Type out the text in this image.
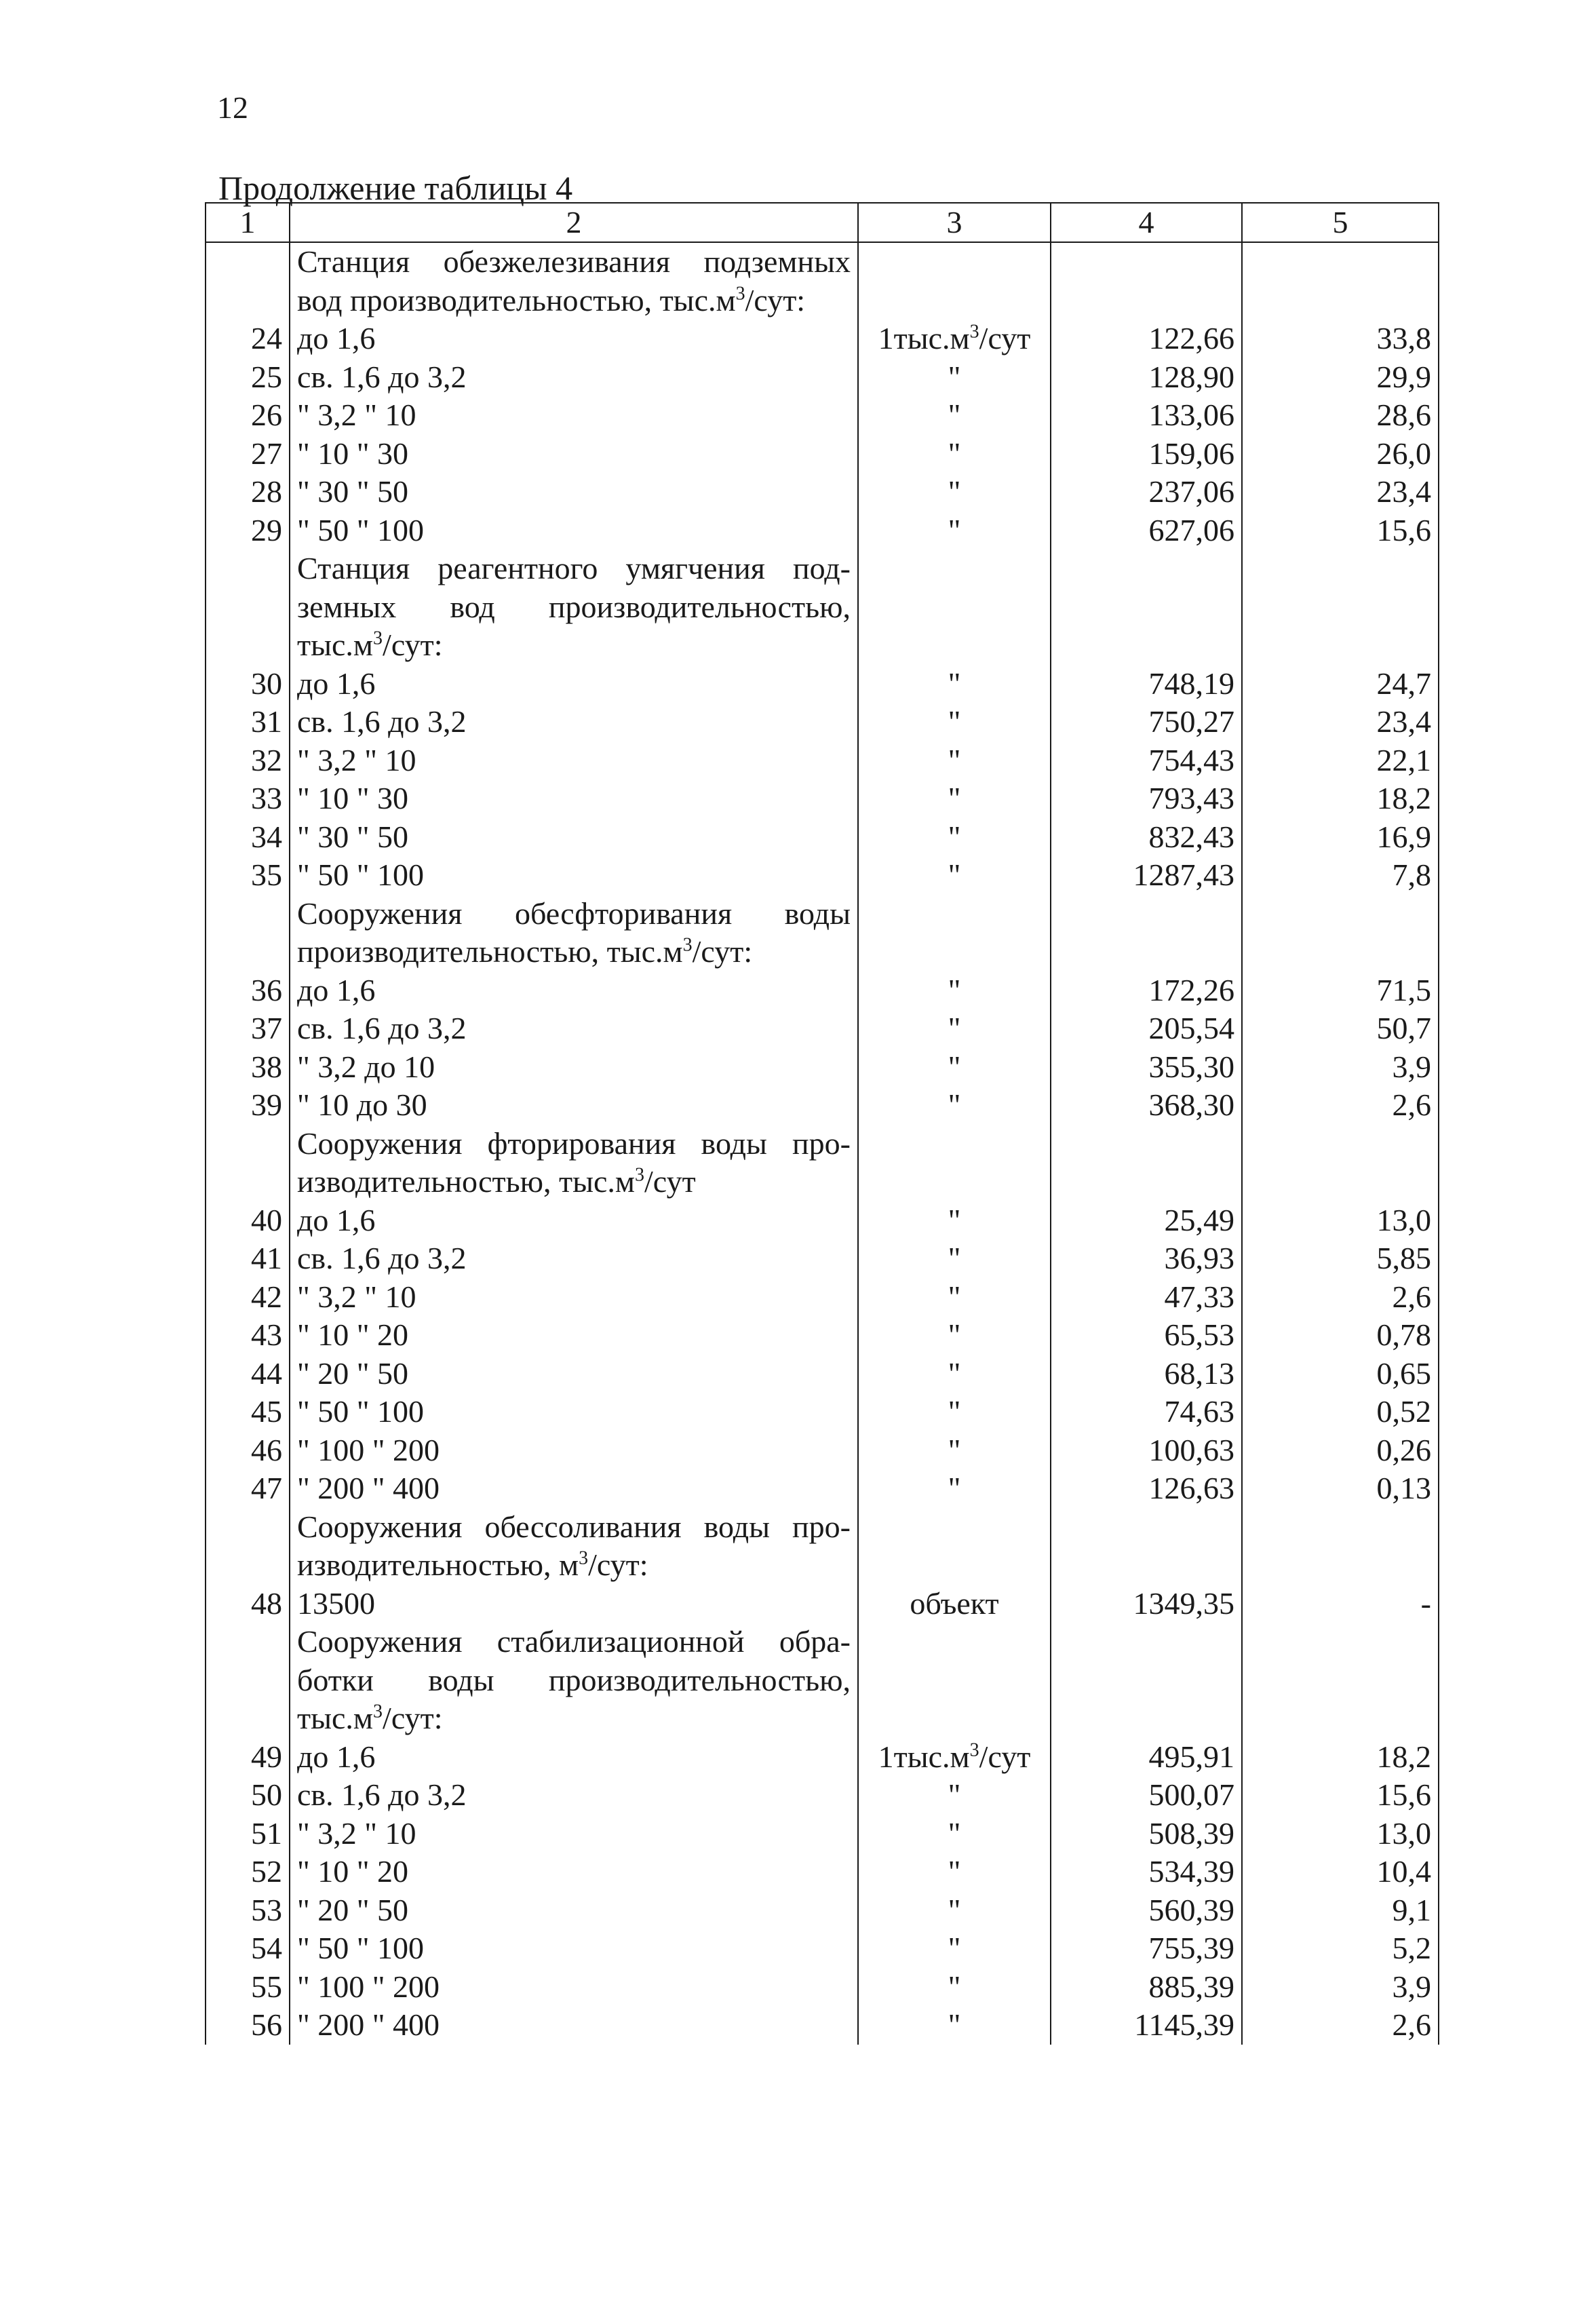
12
Продолжение таблицы 4
1	2	3	4	5
	Станция обезжелезивания подземных			
	вод производительностью, $тыс.м^3$/сут:			
24	до 1,6	$1тыс.м^3$/сут	122,66	33,8
25	св. 1,6 до 3,2	"	128,90	29,9
26	" 3,2 " 10	"	133,06	28,6
27	" 10 " 30	"	159,06	26,0
28	" 30 " 50	"	237,06	23,4
29	" 50 " 100	"	627,06	15,6
	Станция реагентного умягчения под-			
	земных вод производительностью,			
	$тыс.м^3$/сут:			
30	до 1,6	"	748,19	24,7
31	св. 1,6 до 3,2	"	750,27	23,4
32	" 3,2 " 10	"	754,43	22,1
33	" 10 " 30	"	793,43	18,2
34	" 30 " 50	"	832,43	16,9
35	" 50 " 100	"	1287,43	7,8
	Сооружения обесфторивания воды			
	производительностью, $тыс.м^3$/сут:			
36	до 1,6	"	172,26	71,5
37	св. 1,6 до 3,2	"	205,54	50,7
38	" 3,2 до 10	"	355,30	3,9
39	" 10 до 30	"	368,30	2,6
	Сооружения фторирования воды про-			
	изводительностью, $тыс.м^3$/сут			
40	до 1,6	"	25,49	13,0
41	св. 1,6 до 3,2	"	36,93	5,85
42	" 3,2 " 10	"	47,33	2,6
43	" 10 " 20	"	65,53	0,78
44	" 20 " 50	"	68,13	0,65
45	" 50 " 100	"	74,63	0,52
46	" 100 " 200	"	100,63	0,26
47	" 200 " 400	"	126,63	0,13
	Сооружения обессоливания воды про-			
	изводительностью, $м^3$/сут:			
48	13500	объект	1349,35	-
	Сооружения стабилизационной обра-			
	ботки воды производительностью,			
	$тыс.м^3$/сут:			
49	до 1,6	$1тыс.м^3$/сут	495,91	18,2
50	св. 1,6 до 3,2	"	500,07	15,6
51	" 3,2 " 10	"	508,39	13,0
52	" 10 " 20	"	534,39	10,4
53	" 20 " 50	"	560,39	9,1
54	" 50 " 100	"	755,39	5,2
55	" 100 " 200	"	885,39	3,9
56	" 200 " 400	"	1145,39	2,6
